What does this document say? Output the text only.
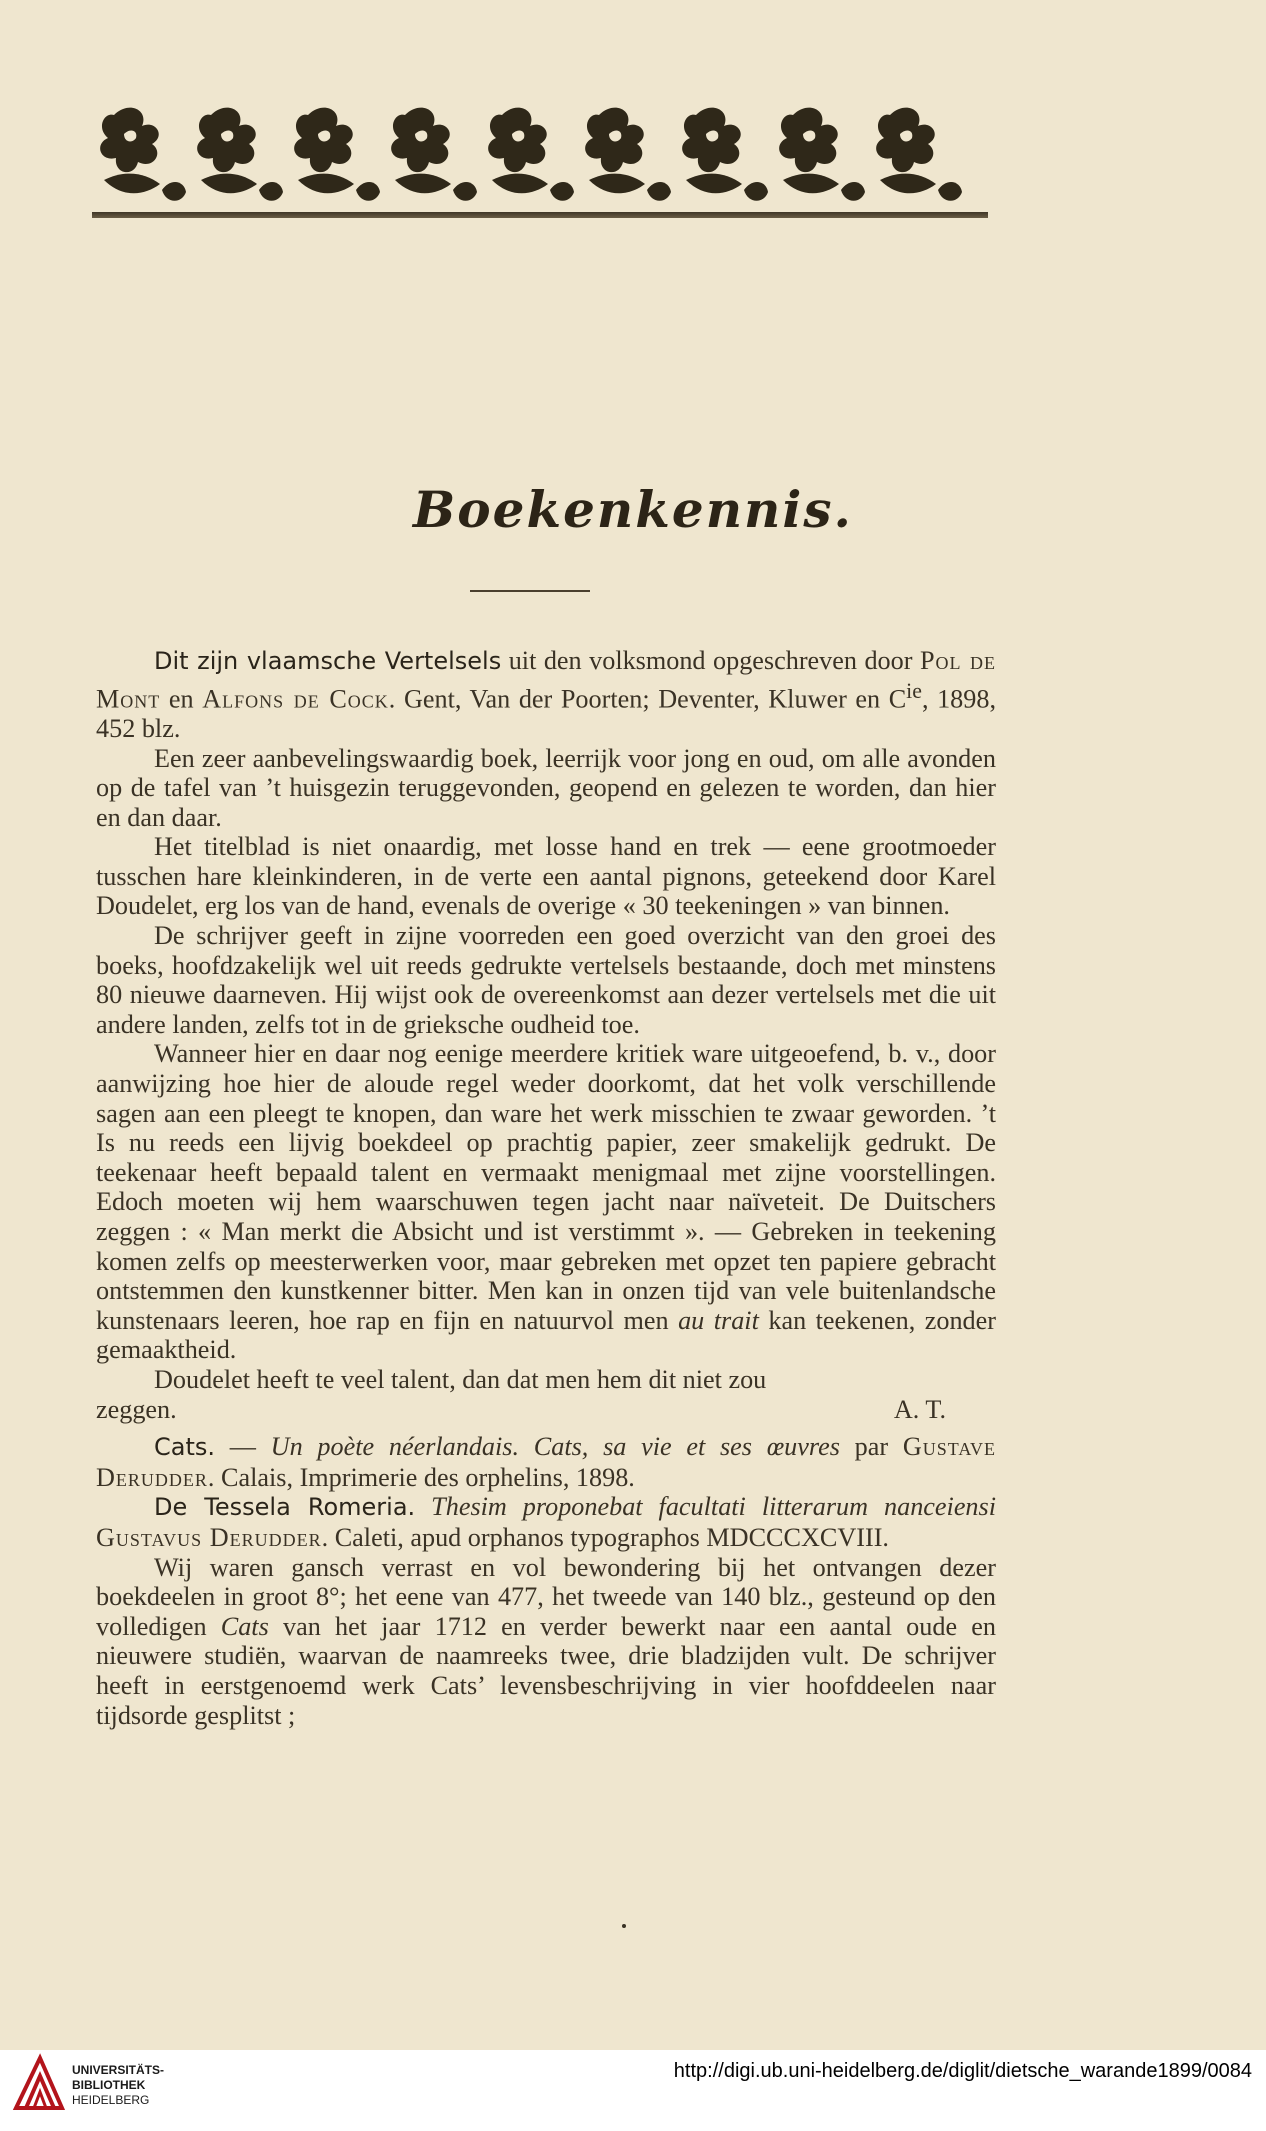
Boekenkennis.

Dit zijn vlaamsche Vertelsels uit den volksmond opgeschreven door Pol de Mont en Alfons de Cock. Gent, Van der Poorten; Deventer, Kluwer en $C^{ie}$, 1898, 452 blz.

Een zeer aanbevelingswaardig boek, leerrijk voor jong en oud, om alle avonden op de tafel van ’t huisgezin teruggevonden, geopend en gelezen te worden, dan hier en dan daar.

Het titelblad is niet onaardig, met losse hand en trek — eene grootmoeder tusschen hare kleinkinderen, in de verte een aantal pignons, geteekend door Karel Doudelet, erg los van de hand, evenals de overige « 30 teekeningen » van binnen.

De schrijver geeft in zijne voorreden een goed overzicht van den groei des boeks, hoofdzakelijk wel uit reeds gedrukte vertelsels bestaande, doch met minstens 80 nieuwe daarneven. Hij wijst ook de overeenkomst aan dezer vertelsels met die uit andere landen, zelfs tot in de grieksche oudheid toe.

Wanneer hier en daar nog eenige meerdere kritiek ware uitgeoefend, b. v., door aanwijzing hoe hier de aloude regel weder doorkomt, dat het volk verschillende sagen aan een pleegt te knopen, dan ware het werk misschien te zwaar geworden. ’t Is nu reeds een lijvig boekdeel op prachtig papier, zeer smakelijk gedrukt. De teekenaar heeft bepaald talent en vermaakt menigmaal met zijne voorstellingen. Edoch moeten wij hem waarschuwen tegen jacht naar naïveteit. De Duitschers zeggen : « Man merkt die Absicht und ist verstimmt ». — Gebreken in teekening komen zelfs op meesterwerken voor, maar gebreken met opzet ten papiere gebracht ontstemmen den kunstkenner bitter. Men kan in onzen tijd van vele buitenlandsche kunstenaars leeren, hoe rap en fijn en natuurvol men au trait kan teekenen, zonder gemaaktheid.

Doudelet heeft te veel talent, dan dat men hem dit niet zou

zeggen.	A. T.

Cats. — Un poète néerlandais. Cats, sa vie et ses œuvres par Gustave Derudder. Calais, Imprimerie des orphelins, 1898.

De Tessela Romeria. Thesim proponebat facultati litterarum nanceiensi Gustavus Derudder. Caleti, apud orphanos typographos MDCCCXCVIII.

Wij waren gansch verrast en vol bewondering bij het ontvangen dezer boekdeelen in groot 8°; het eene van 477, het tweede van 140 blz., gesteund op den volledigen Cats van het jaar 1712 en verder bewerkt naar een aantal oude en nieuwere studiën, waarvan de naamreeks twee, drie bladzijden vult. De schrijver heeft in eerstgenoemd werk Cats’ levensbeschrijving in vier hoofddeelen naar tijdsorde gesplitst ;

UNIVERSITÄTS-
BIBLIOTHEK
HEIDELBERG
http://digi.ub.uni-heidelberg.de/diglit/dietsche_warande1899/0084
